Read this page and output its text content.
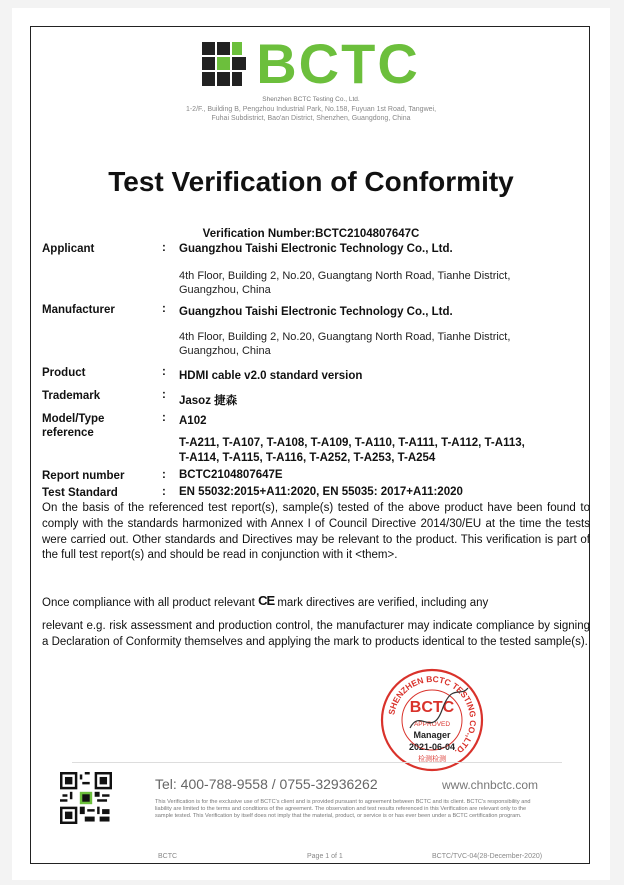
BCTC
Shenzhen BCTC Testing Co., Ltd.
1-2/F., Building B, Pengzhou Industrial Park, No.158, Fuyuan 1st Road, Tangwei,
Fuhai Subdistrict, Bao'an District, Shenzhen, Guangdong, China
Test Verification of Conformity
Verification Number:BCTC2104807647C
Applicant	: Guangzhou Taishi Electronic Technology Co., Ltd.
4th Floor, Building 2, No.20, Guangtang North Road, Tianhe District,
Guangzhou, China
Manufacturer	: Guangzhou Taishi Electronic Technology Co., Ltd.
4th Floor, Building 2, No.20, Guangtang North Road, Tianhe District,
Guangzhou, China
Product	: HDMI cable v2.0 standard version
Trademark	: Jasoz 捷森
Model/Type
reference
: A102
T-A211, T-A107, T-A108, T-A109, T-A110, T-A111, T-A112, T-A113,
T-A114, T-A115, T-A116, T-A252, T-A253, T-A254
Report number	: BCTC2104807647E
Test Standard	: EN 55032:2015+A11:2020, EN 55035: 2017+A11:2020
On the basis of the referenced test report(s), sample(s) tested of the above product have been found to comply with the standards harmonized with Annex I of Council Directive 2014/30/EU at the time the tests were carried out. Other standards and Directives may be relevant to the product. This verification is part of the full test report(s) and should be read in conjunction with it <them>.
Once compliance with all product relevant CE mark directives are verified, including any
relevant e.g. risk assessment and production control, the manufacturer may indicate compliance by signing a Declaration of Conformity themselves and applying the mark to products identical to the tested sample(s).
SHENZHEN BCTC TESTING CO.,LTD.
BCTC
APPROVED
Manager
2021-06-04
检测检测
Tel: 400-788-9558 / 0755-32936262	www.chnbctc.com
This Verification is for the exclusive use of BCTC's client and is provided pursuant to agreement between BCTC and its client. BCTC's responsibility and liability are limited to the terms and conditions of the agreement. The observation and test results referenced in this Verification are relevant only to the sample tested. This Verification by itself does not imply that the material, product, or service is or has ever been under a BCTC certification program.
BCTC	Page 1 of 1	BCTC/TVC-04(28-December-2020)
